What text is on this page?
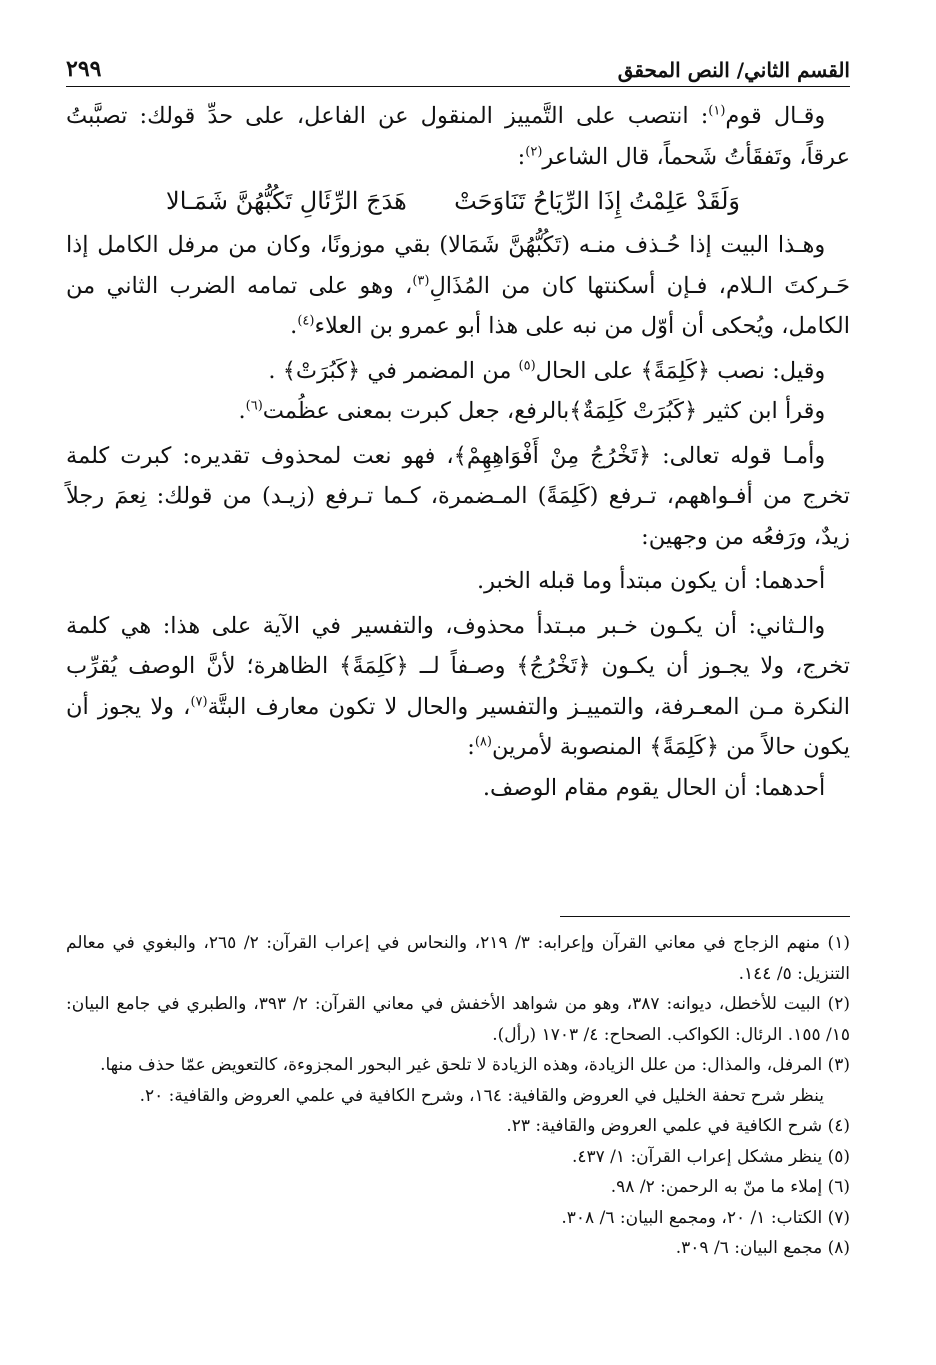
القسم الثاني/ النص المحقق
٢٩٩

وقـال قوم$^{(١)}$: انتصب على التَّمييز المنقول عن الفاعل، على حدِّ قولك: تصبَّبتُ عرقاً، وتَفقَأتُ شَحماً، قال الشاعر$^{(٢)}$:

وَلَقَدْ عَلِمْتُ إِذَا الرِّيَاحُ تَنَاوَحَتْ
هَدَجَ الرِّئَالِ تَكُبُّهُنَّ شَمَـالا

وهـذا البيت إذا حُـذف منـه (تَكُبُّهُنَّ شَمَالا) بقي موزونًا، وكان من مرفل الكامل إذا حَـركتَ الـلام، فـإن أسكنتها كان من المُذَالِ$^{(٣)}$، وهو على تمامه الضرب الثاني من الكامل، ويُحكى أن أوّل من نبه على هذا أبو عمرو بن العلاء$^{(٤)}$.

وقيل: نصب ﴿كَلِمَةً﴾ على الحال$^{(٥)}$ من المضمر في ﴿كَبُرَتْ﴾ .

وقرأ ابن كثير ﴿كَبُرَتْ كَلِمَةٌ﴾بالرفع، جعل كبرت بمعنى عظُمت$^{(٦)}$.

وأمـا قوله تعالى: ﴿تَخْرُجُ مِنْ أَفْوَاهِهِمْ﴾، فهو نعت لمحذوف تقديره: كبرت كلمة تخرج من أفـواههم، تـرفع (كَلِمَةً) المـضمرة، كـما تـرفع (زيـد) من قولك: نِعمَ رجلاً زيدٌ، ورَفعُه من وجهين:

أحدهما: أن يكون مبتدأ وما قبله الخبر.

والـثاني: أن يكـون خـبر مبـتدأ محذوف، والتفسير في الآية على هذا: هي كلمة تخرج، ولا يجـوز أن يكـون ﴿تَخْرُجُ﴾ وصـفاً لــ ﴿كَلِمَةً﴾ الظاهرة؛ لأنَّ الوصف يُقرِّب النكرة مـن المعـرفة، والتمييـز والتفسير والحال لا تكون معارف البتَّة$^{(٧)}$، ولا يجوز أن يكون حالاً من ﴿كَلِمَةً﴾ المنصوبة لأمرين$^{(٨)}$:

أحدهما: أن الحال يقوم مقام الوصف.

(١) منهم الزجاج في معاني القرآن وإعرابه: ٣/ ٢١٩، والنحاس في إعراب القرآن: ٢/ ٢٦٥، والبغوي في معالم التنزيل: ٥/ ١٤٤.

(٢) البيت للأخطل، ديوانه: ٣٨٧، وهو من شواهد الأخفش في معاني القرآن: ٢/ ٣٩٣، والطبري في جامع البيان: ١٥/ ١٥٥. الرئال: الكواكب. الصحاح: ٤/ ١٧٠٣ (رأل).

(٣) المرفل، والمذال: من علل الزيادة، وهذه الزيادة لا تلحق غير البحور المجزوءة، كالتعويض عمّا حذف منها.

ينظر شرح تحفة الخليل في العروض والقافية: ١٦٤، وشرح الكافية في علمي العروض والقافية: ٢٠.

(٤) شرح الكافية في علمي العروض والقافية: ٢٣.

(٥) ينظر مشكل إعراب القرآن: ١/ ٤٣٧.

(٦) إملاء ما منّ به الرحمن: ٢/ ٩٨.

(٧) الكتاب: ١/ ٢٠، ومجمع البيان: ٦/ ٣٠٨.

(٨) مجمع البيان: ٦/ ٣٠٩.
